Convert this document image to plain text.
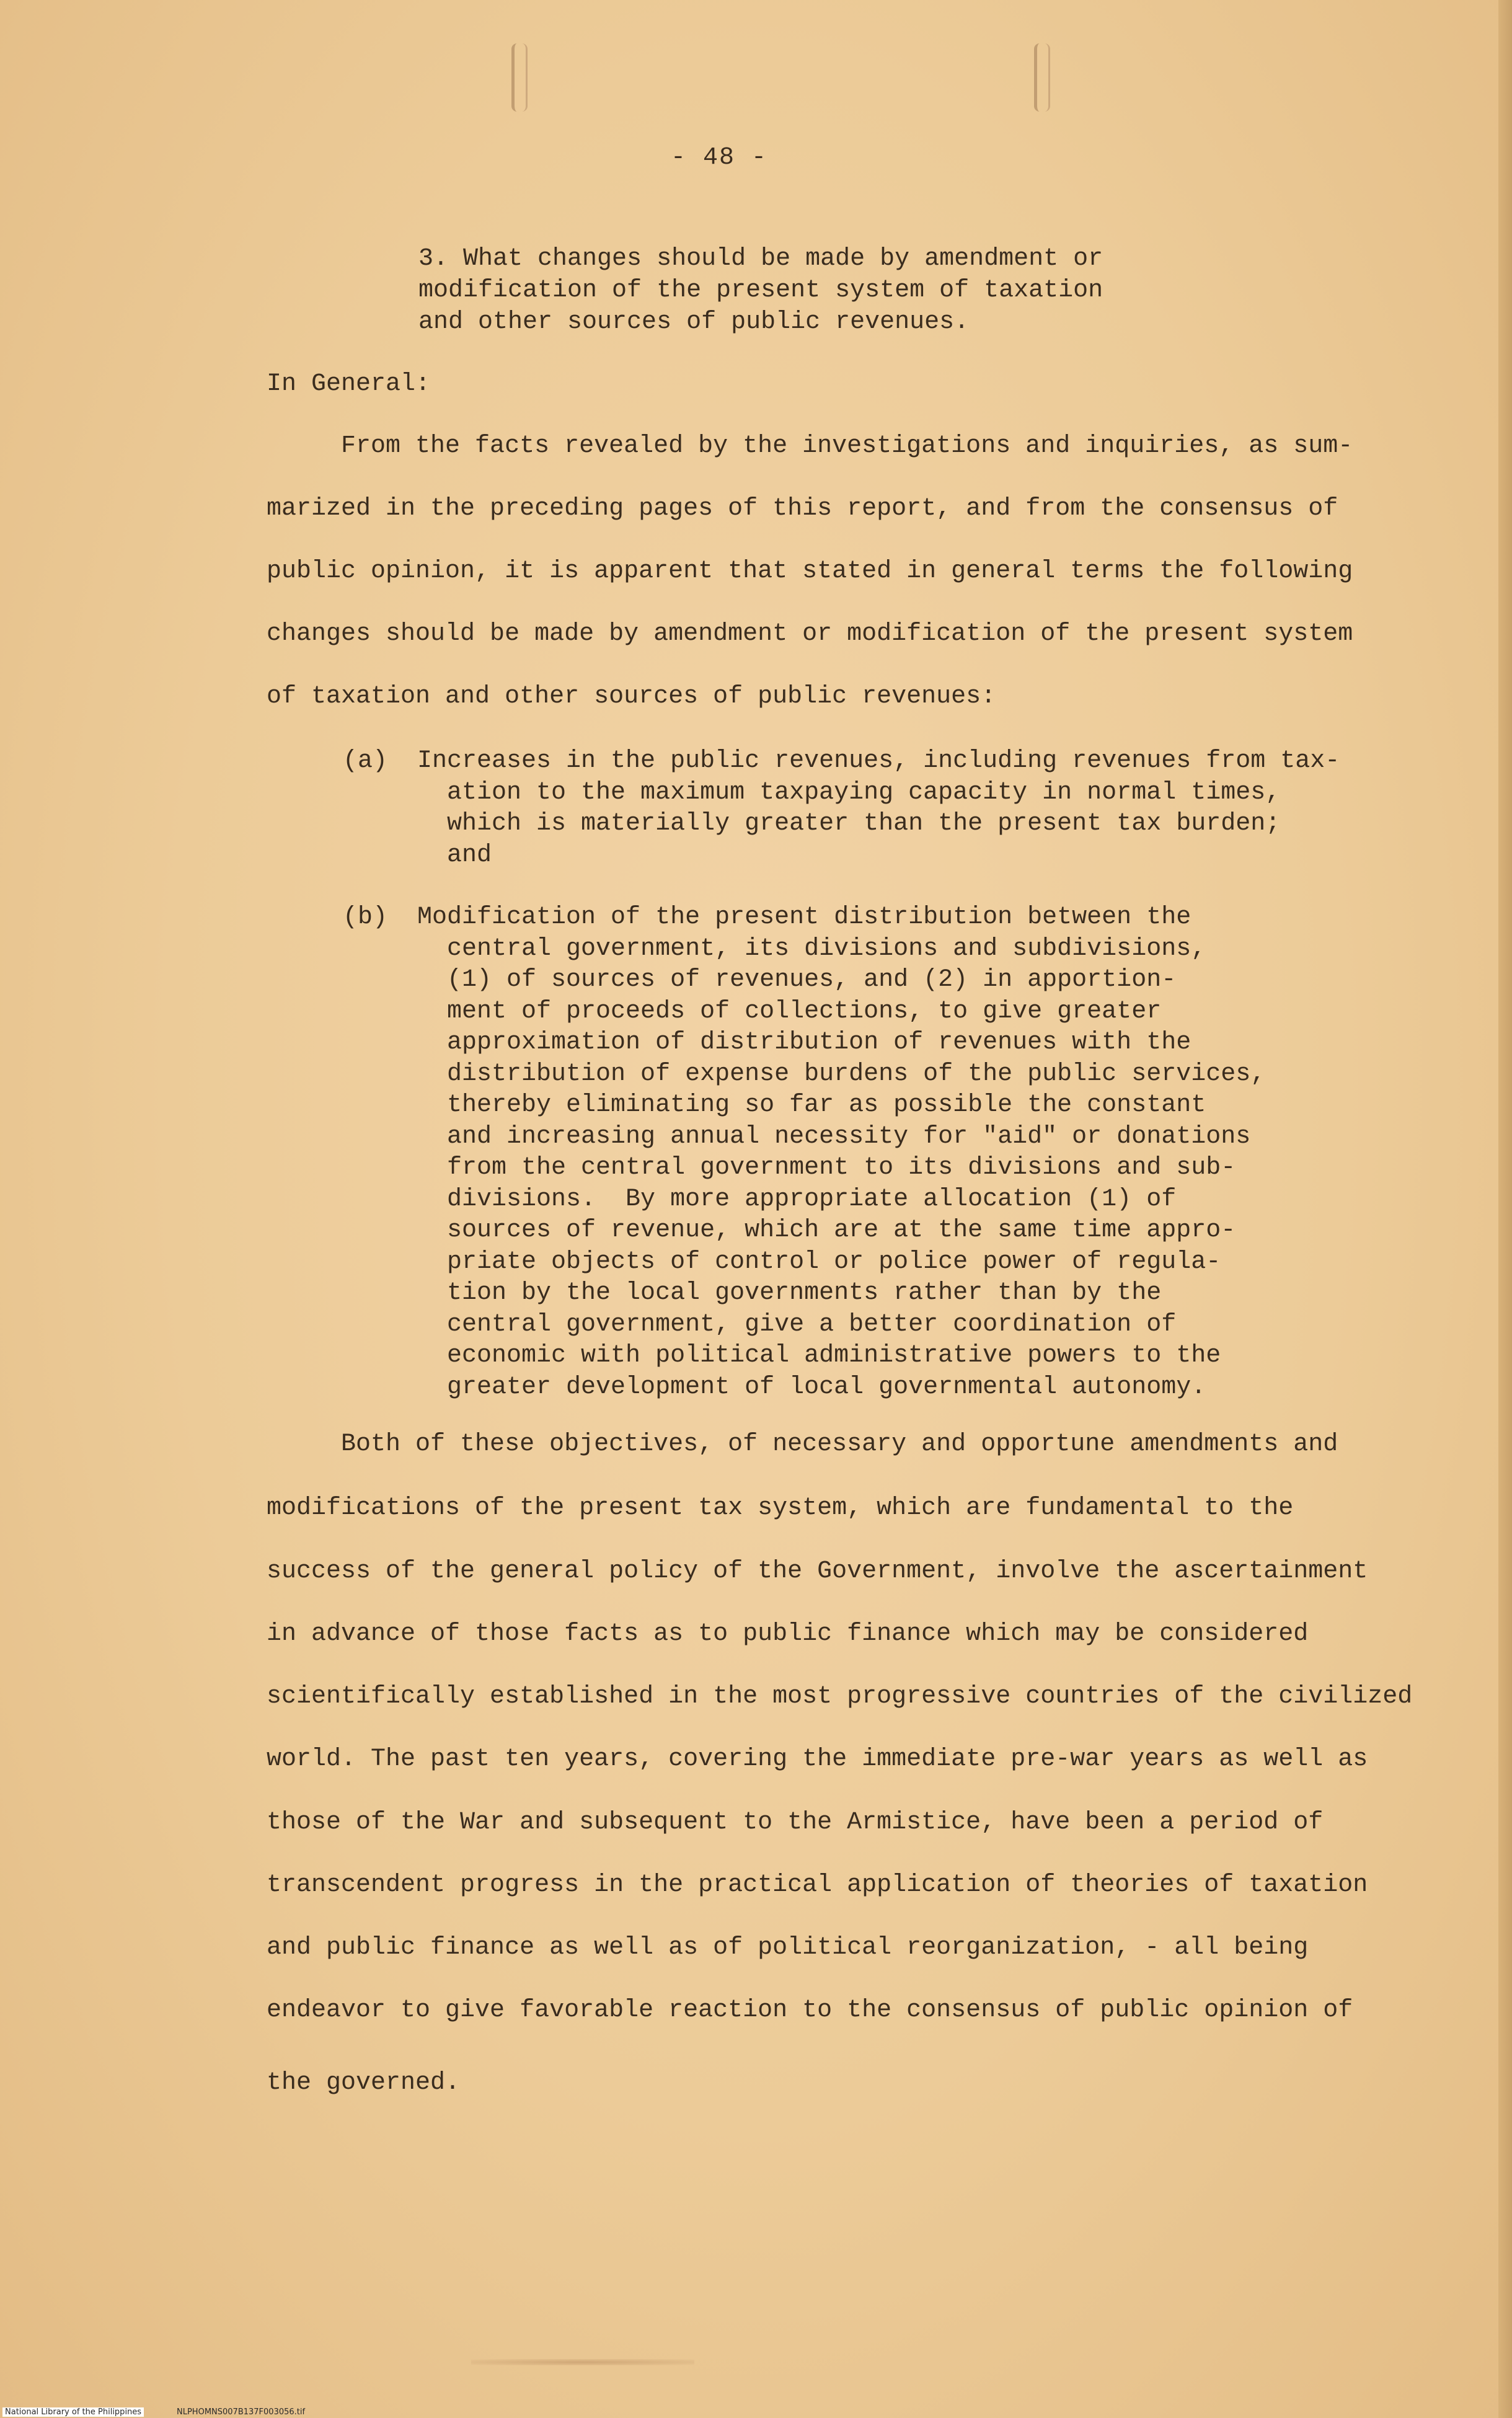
- 48 -
3. What changes should be made by amendment or
modification of the present system of taxation
and other sources of public revenues.
In General:
From the facts revealed by the investigations and inquiries, as sum-
marized in the preceding pages of this report, and from the consensus of
public opinion, it is apparent that stated in general terms the following
changes should be made by amendment or modification of the present system
of taxation and other sources of public revenues:
(a) Increases in the public revenues, including revenues from tax-
ation to the maximum taxpaying capacity in normal times,
which is materially greater than the present tax burden;
and
(b) Modification of the present distribution between the
central government, its divisions and subdivisions,
(1) of sources of revenues, and (2) in apportion-
ment of proceeds of collections, to give greater
approximation of distribution of revenues with the
distribution of expense burdens of the public services,
thereby eliminating so far as possible the constant
and increasing annual necessity for "aid" or donations
from the central government to its divisions and sub-
divisions.  By more appropriate allocation (1) of
sources of revenue, which are at the same time appro-
priate objects of control or police power of regula-
tion by the local governments rather than by the
central government, give a better coordination of
economic with political administrative powers to the
greater development of local governmental autonomy.
Both of these objectives, of necessary and opportune amendments and
modifications of the present tax system, which are fundamental to the
success of the general policy of the Government, involve the ascertainment
in advance of those facts as to public finance which may be considered
scientifically established in the most progressive countries of the civilized
world. The past ten years, covering the immediate pre-war years as well as
those of the War and subsequent to the Armistice, have been a period of
transcendent progress in the practical application of theories of taxation
and public finance as well as of political reorganization, - all being
endeavor to give favorable reaction to the consensus of public opinion of
the governed.
National Library of the Philippines	NLPHOMNS007B137F003056.tif
